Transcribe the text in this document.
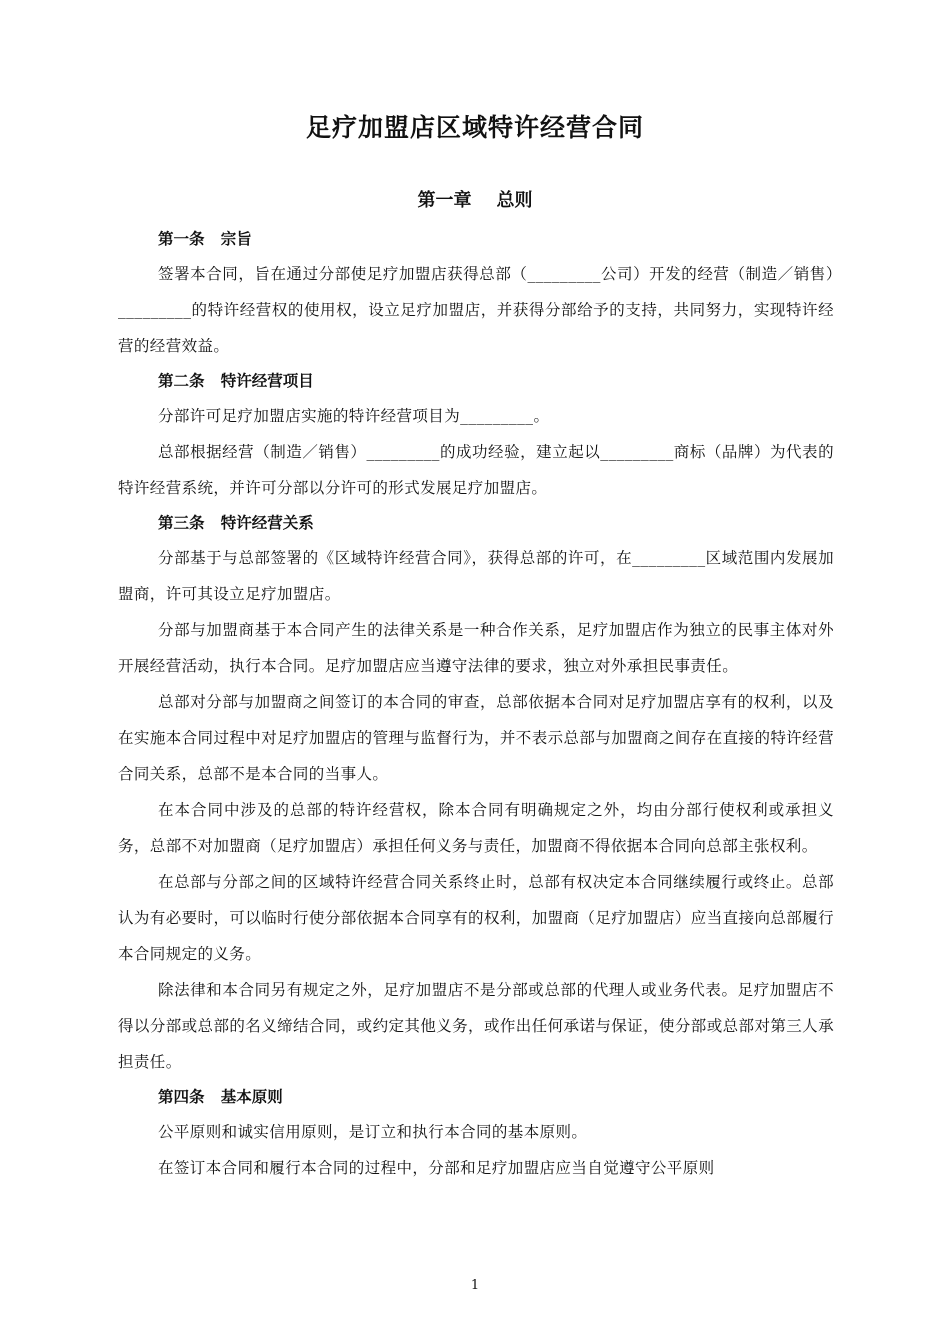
足疗加盟店区域特许经营合同
第一章 总则
第一条 宗旨

签署本合同，旨在通过分部使足疗加盟店获得总部（_________公司）开发的经营（制造／销售）_________的特许经营权的使用权，设立足疗加盟店，并获得分部给予的支持，共同努力，实现特许经营的经营效益。

第二条 特许经营项目

分部许可足疗加盟店实施的特许经营项目为_________。

总部根据经营（制造／销售）_________的成功经验，建立起以_________商标（品牌）为代表的特许经营系统，并许可分部以分许可的形式发展足疗加盟店。

第三条 特许经营关系

分部基于与总部签署的《区域特许经营合同》，获得总部的许可，在_________区域范围内发展加盟商，许可其设立足疗加盟店。

分部与加盟商基于本合同产生的法律关系是一种合作关系，足疗加盟店作为独立的民事主体对外开展经营活动，执行本合同。足疗加盟店应当遵守法律的要求，独立对外承担民事责任。

总部对分部与加盟商之间签订的本合同的审查，总部依据本合同对足疗加盟店享有的权利，以及在实施本合同过程中对足疗加盟店的管理与监督行为，并不表示总部与加盟商之间存在直接的特许经营合同关系，总部不是本合同的当事人。

在本合同中涉及的总部的特许经营权，除本合同有明确规定之外，均由分部行使权利或承担义务，总部不对加盟商（足疗加盟店）承担任何义务与责任，加盟商不得依据本合同向总部主张权利。

在总部与分部之间的区域特许经营合同关系终止时，总部有权决定本合同继续履行或终止。总部认为有必要时，可以临时行使分部依据本合同享有的权利，加盟商（足疗加盟店）应当直接向总部履行本合同规定的义务。

除法律和本合同另有规定之外，足疗加盟店不是分部或总部的代理人或业务代表。足疗加盟店不得以分部或总部的名义缔结合同，或约定其他义务，或作出任何承诺与保证，使分部或总部对第三人承担责任。

第四条 基本原则

公平原则和诚实信用原则，是订立和执行本合同的基本原则。

在签订本合同和履行本合同的过程中，分部和足疗加盟店应当自觉遵守公平原则

1
